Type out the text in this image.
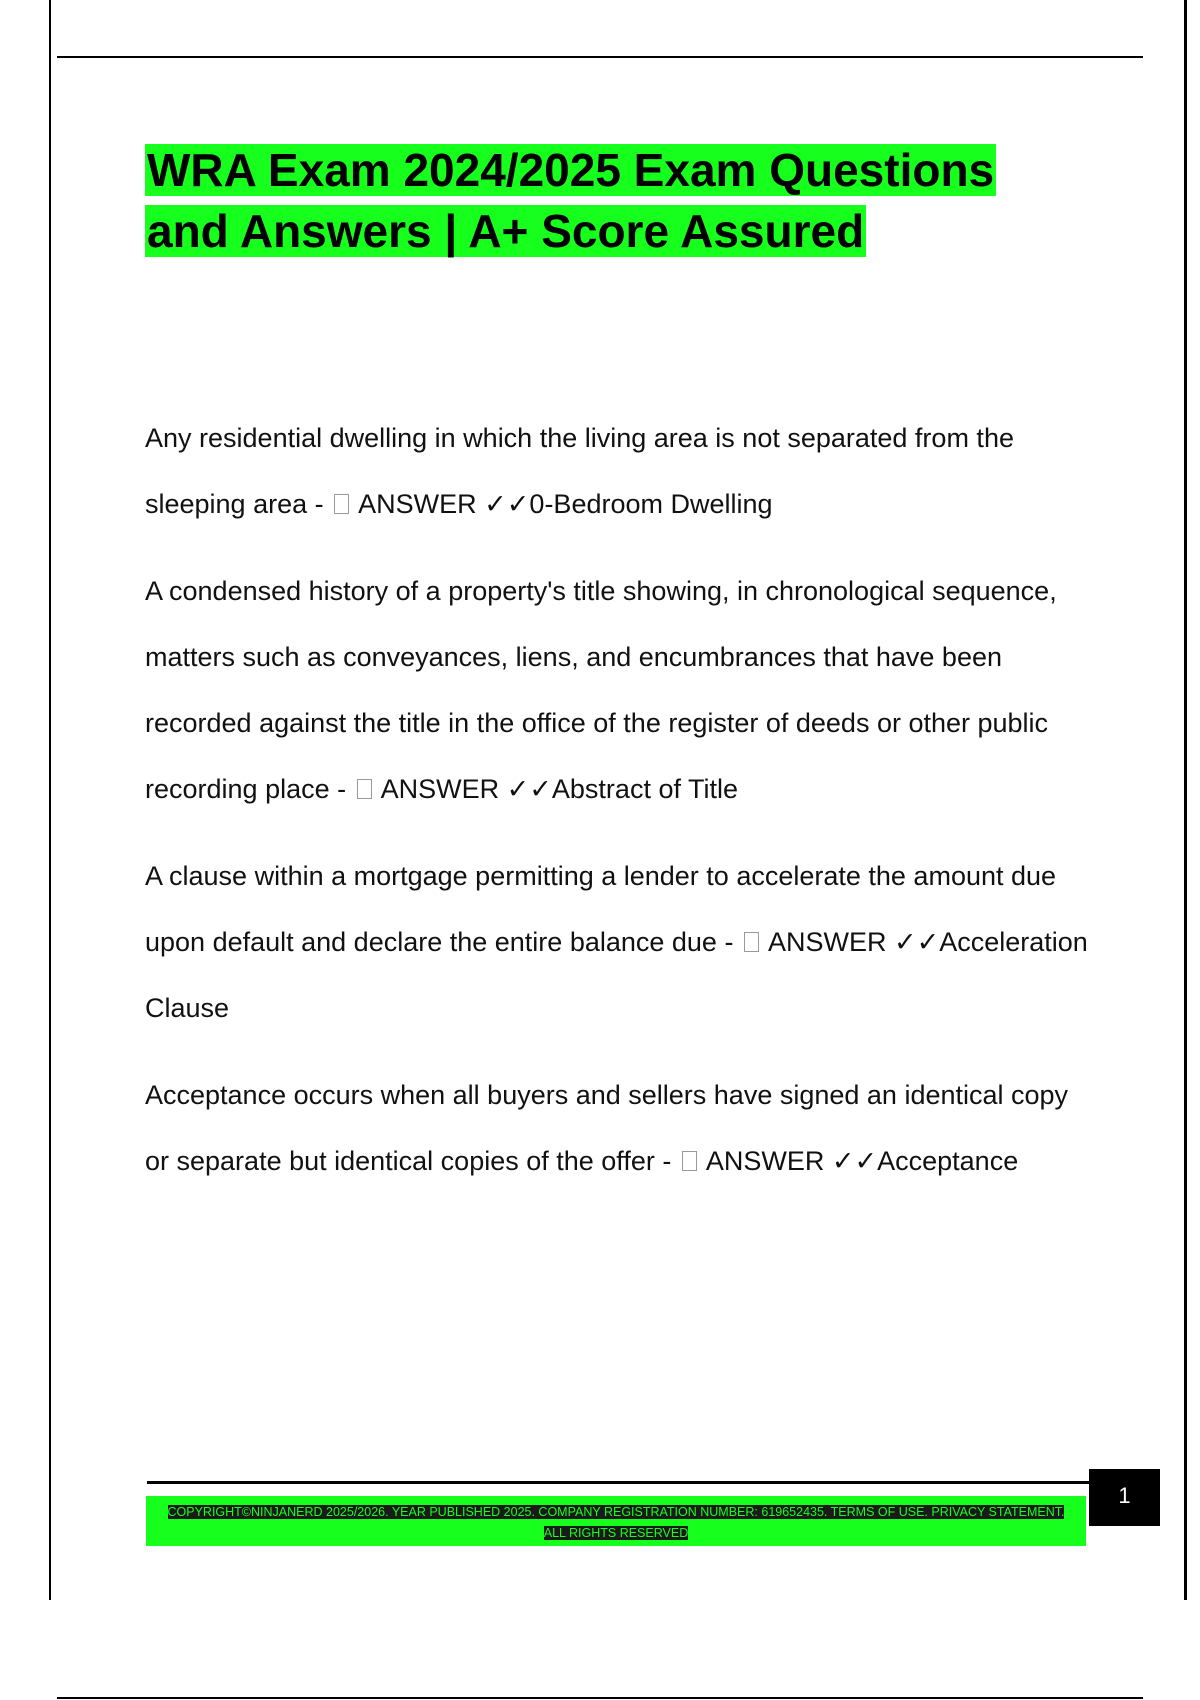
WRA Exam 2024/2025 Exam Questions
and Answers | A+ Score Assured

Any residential dwelling in which the living area is not separated from the sleeping area - ANSWER ✓✓0-Bedroom Dwelling

A condensed history of a property's title showing, in chronological sequence, matters such as conveyances, liens, and encumbrances that have been recorded against the title in the office of the register of deeds or other public recording place - ANSWER ✓✓Abstract of Title

A clause within a mortgage permitting a lender to accelerate the amount due upon default and declare the entire balance due - ANSWER ✓✓Acceleration Clause

Acceptance occurs when all buyers and sellers have signed an identical copy or separate but identical copies of the offer - ANSWER ✓✓Acceptance

COPYRIGHT©NINJANERD 2025/2026. YEAR PUBLISHED 2025. COMPANY REGISTRATION NUMBER: 619652435. TERMS OF USE. PRIVACY STATEMENT. ALL RIGHTS RESERVED
1
